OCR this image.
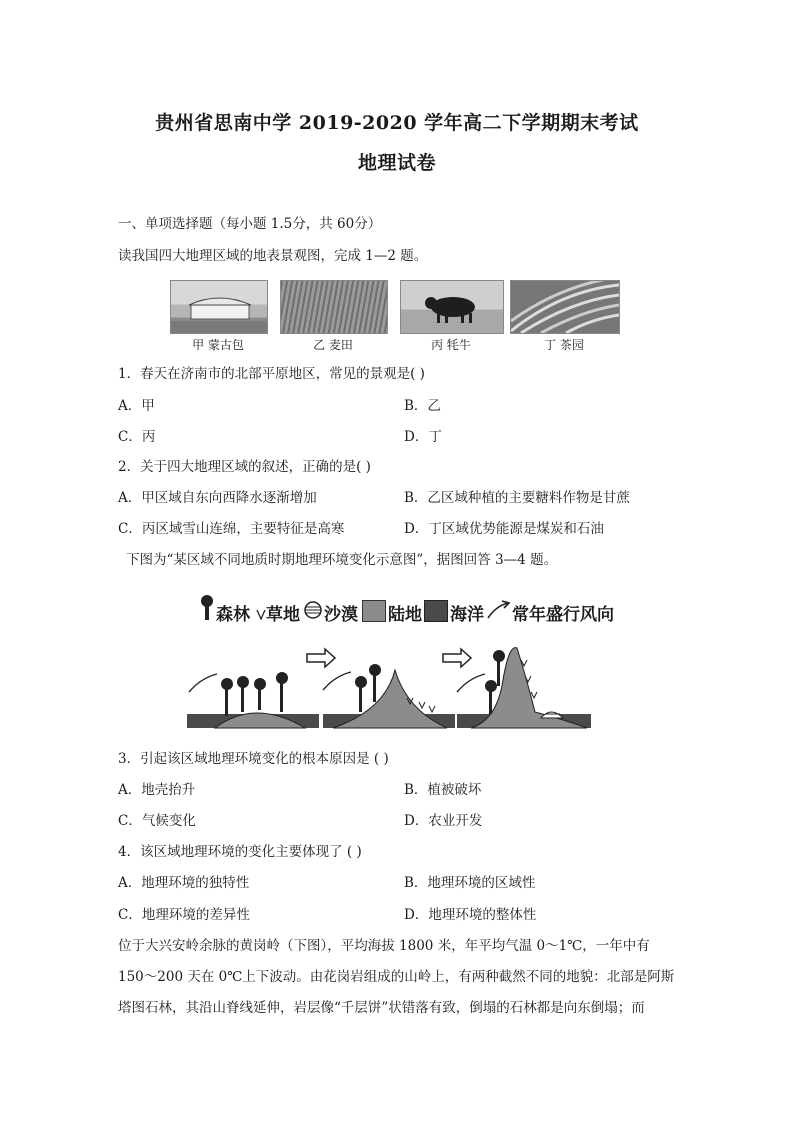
贵州省思南中学 2019-2020 学年高二下学期期末考试
地理试卷
一、单项选择题（每小题 1.5分，共 60分）
读我国四大地理区域的地表景观图，完成 1—2 题。
甲 蒙古包	乙 麦田	丙 牦牛	丁 茶园
1．春天在济南市的北部平原地区，常见的景观是( )
A．甲	B．乙
C．丙	D．丁
2．关于四大地理区域的叙述，正确的是( )
A．甲区域自东向西降水逐渐增加	B．乙区域种植的主要糖料作物是甘蔗
C．丙区域雪山连绵，主要特征是高寒	D．丁区域优势能源是煤炭和石油
下图为“某区域不同地质时期地理环境变化示意图”，据图回答 3—4 题。
森林 草地 沙漠 陆地 海洋 常年盛行风向
3．引起该区域地理环境变化的根本原因是 ( )
A．地壳抬升	B．植被破坏
C．气候变化	D．农业开发
4．该区域地理环境的变化主要体现了 ( )
A．地理环境的独特性	B．地理环境的区域性
C．地理环境的差异性	D．地理环境的整体性
位于大兴安岭余脉的黄岗岭（下图），平均海拔 1800 米，年平均气温 0～1℃，一年中有
150～200 天在 0℃上下波动。由花岗岩组成的山岭上，有两种截然不同的地貌：北部是阿斯
塔图石林，其沿山脊线延伸，岩层像“千层饼”状错落有致，倒塌的石林都是向东倒塌；而
